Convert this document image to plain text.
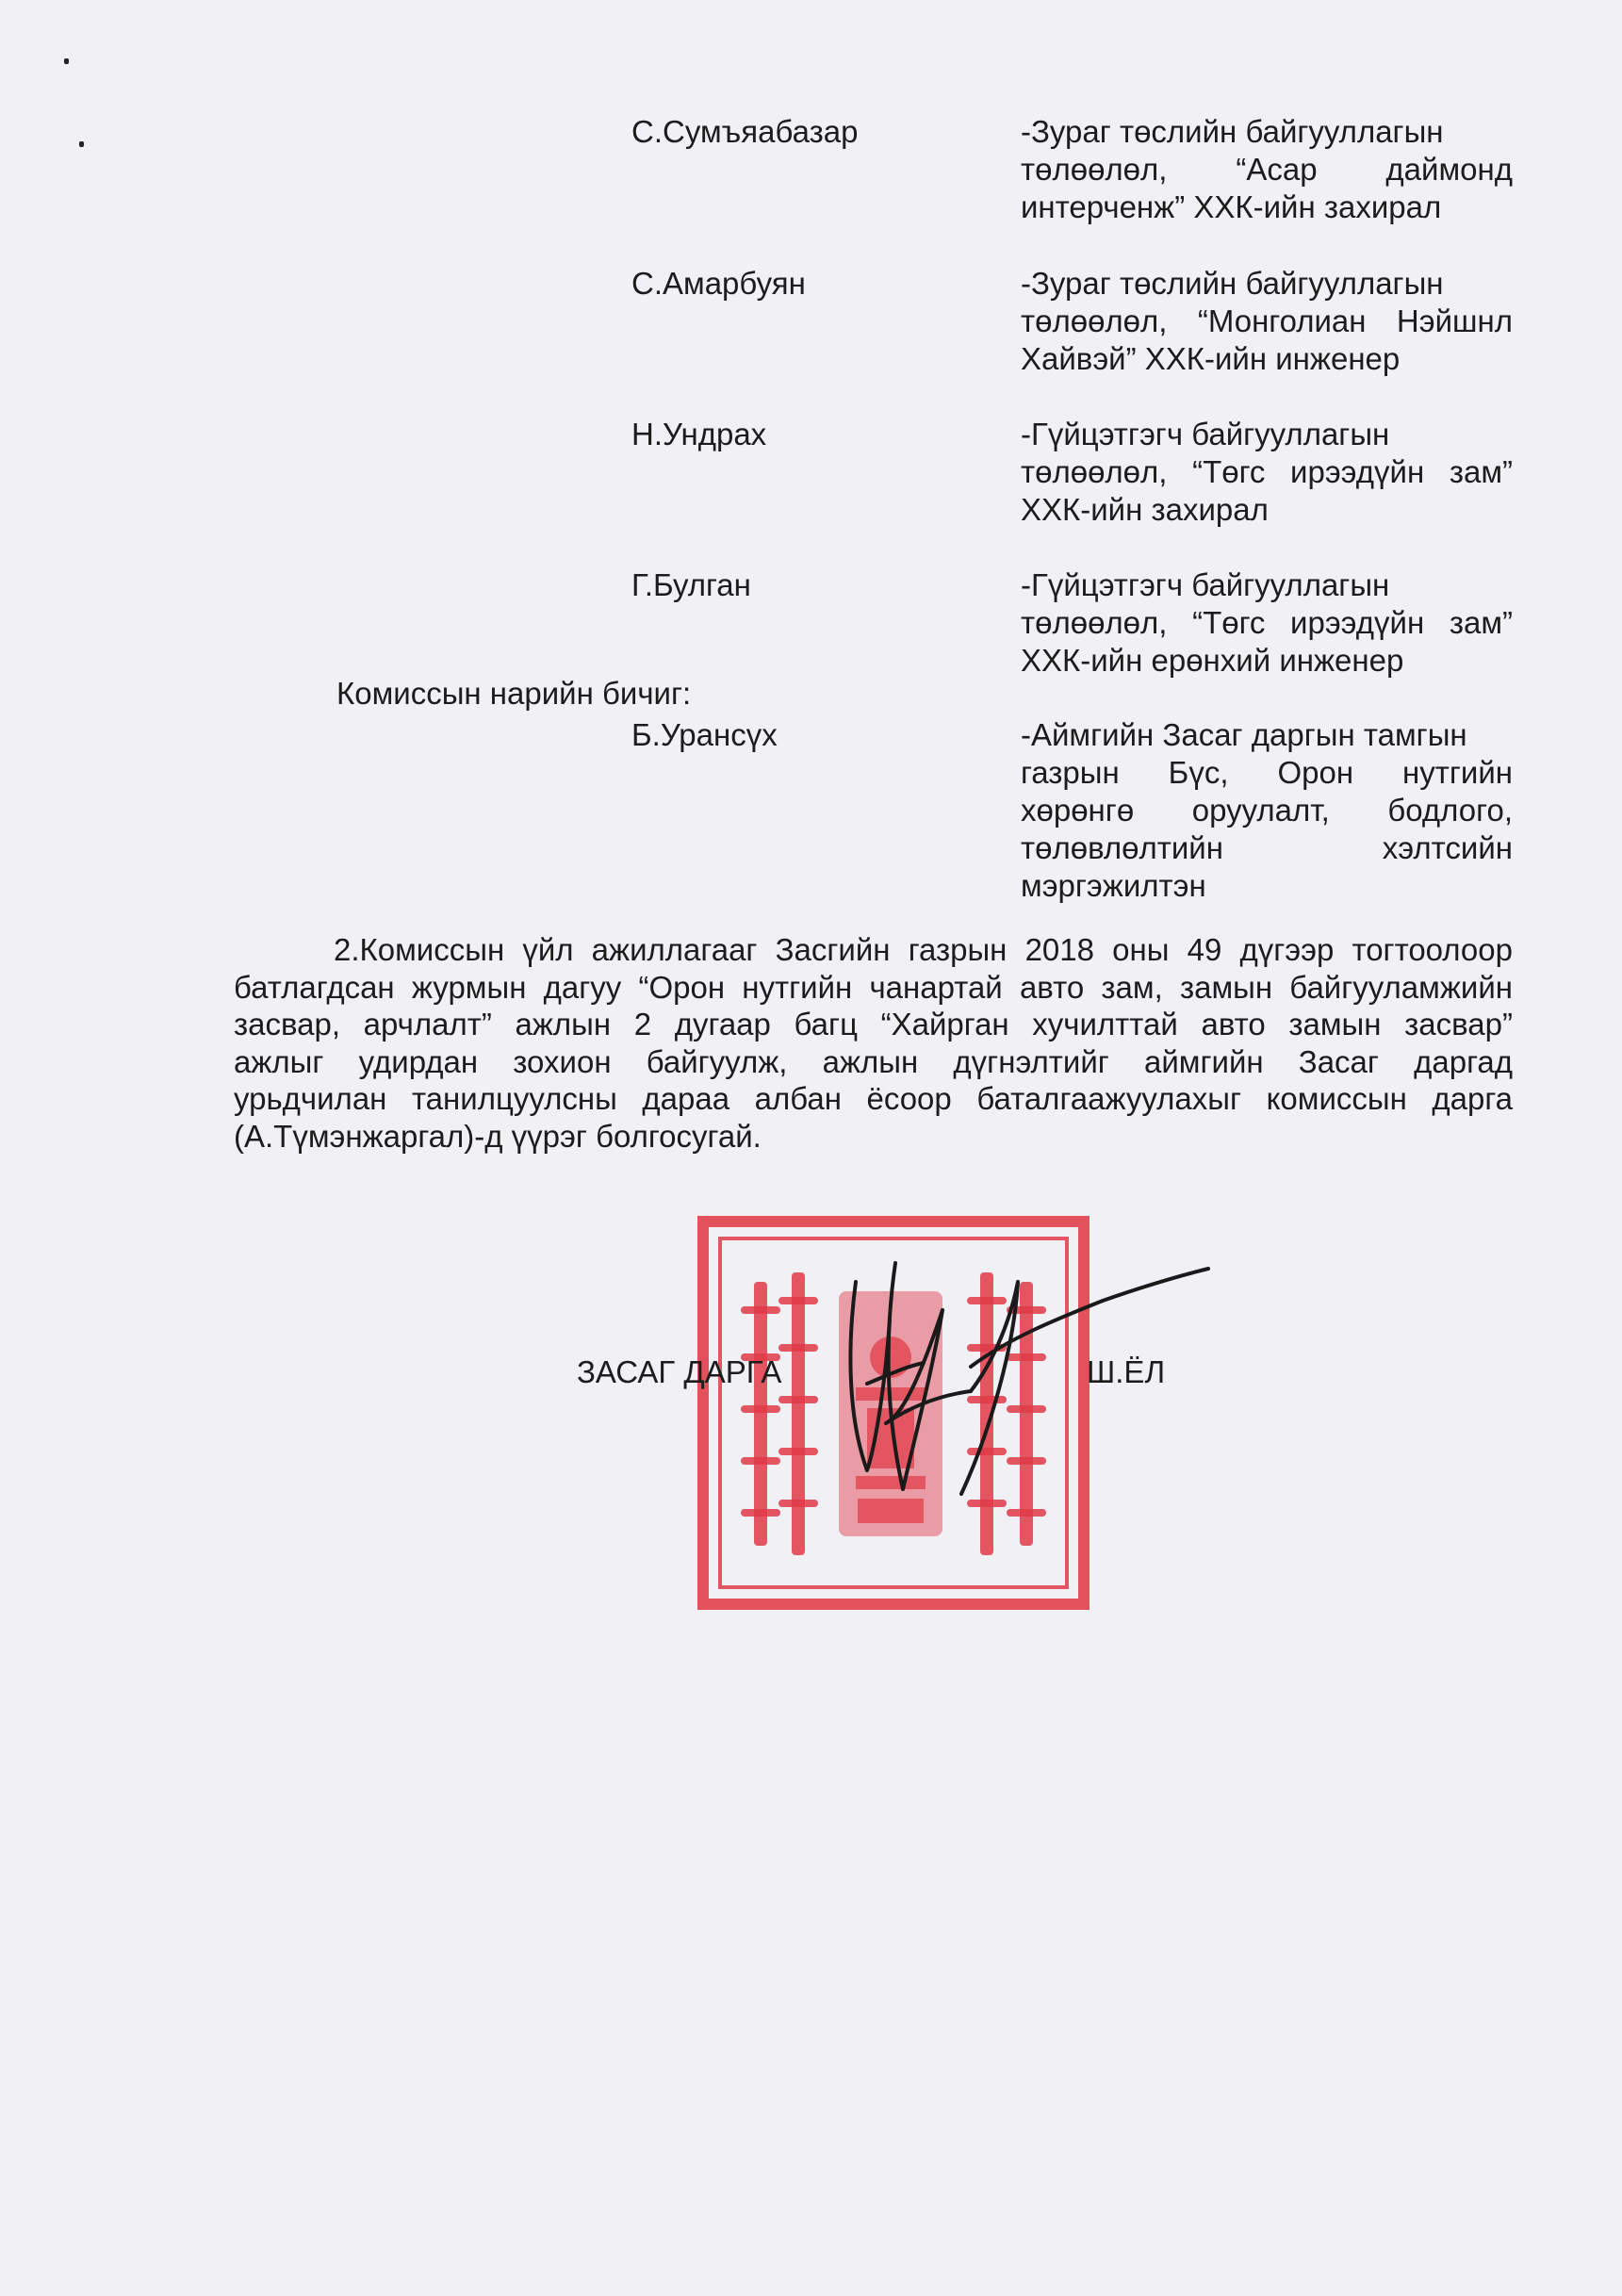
С.Сумъяабазар	-Зураг төслийн байгууллагын
төлөөлөл, “Асар даймонд
интерченж” ХХК-ийн захирал
С.Амарбуян	-Зураг төслийн байгууллагын
төлөөлөл, “Монголиан Нэйшнл
Хайвэй” ХХК-ийн инженер
Н.Ундрах	-Гүйцэтгэгч байгууллагын
төлөөлөл, “Төгс ирээдүйн зам”
ХХК-ийн захирал
Г.Булган	-Гүйцэтгэгч байгууллагын
төлөөлөл, “Төгс ирээдүйн зам”
ХХК-ийн ерөнхий инженер
Комиссын нарийн бичиг:
Б.Урансүх	-Аймгийн Засаг даргын тамгын
газрын Бүс, Орон нутгийн
хөрөнгө оруулалт, бодлого,
төлөвлөлтийн хэлтсийн
мэргэжилтэн
2.Комиссын үйл ажиллагааг Засгийн газрын 2018 оны 49 дүгээр тогтоолоор
батлагдсан журмын дагуу “Орон нутгийн чанартай авто зам, замын байгууламжийн
засвар, арчлалт” ажлын 2 дугаар багц “Хайрган хучилттай авто замын засвар”
ажлыг удирдан зохион байгуулж, ажлын дүгнэлтийг аймгийн Засаг даргад
урьдчилан танилцуулсны дараа албан ёсоор баталгаажуулахыг комиссын дарга
(А.Түмэнжаргал)-д үүрэг болгосугай.
ЗАСАГ ДАРГА	Ш.ЁЛ
